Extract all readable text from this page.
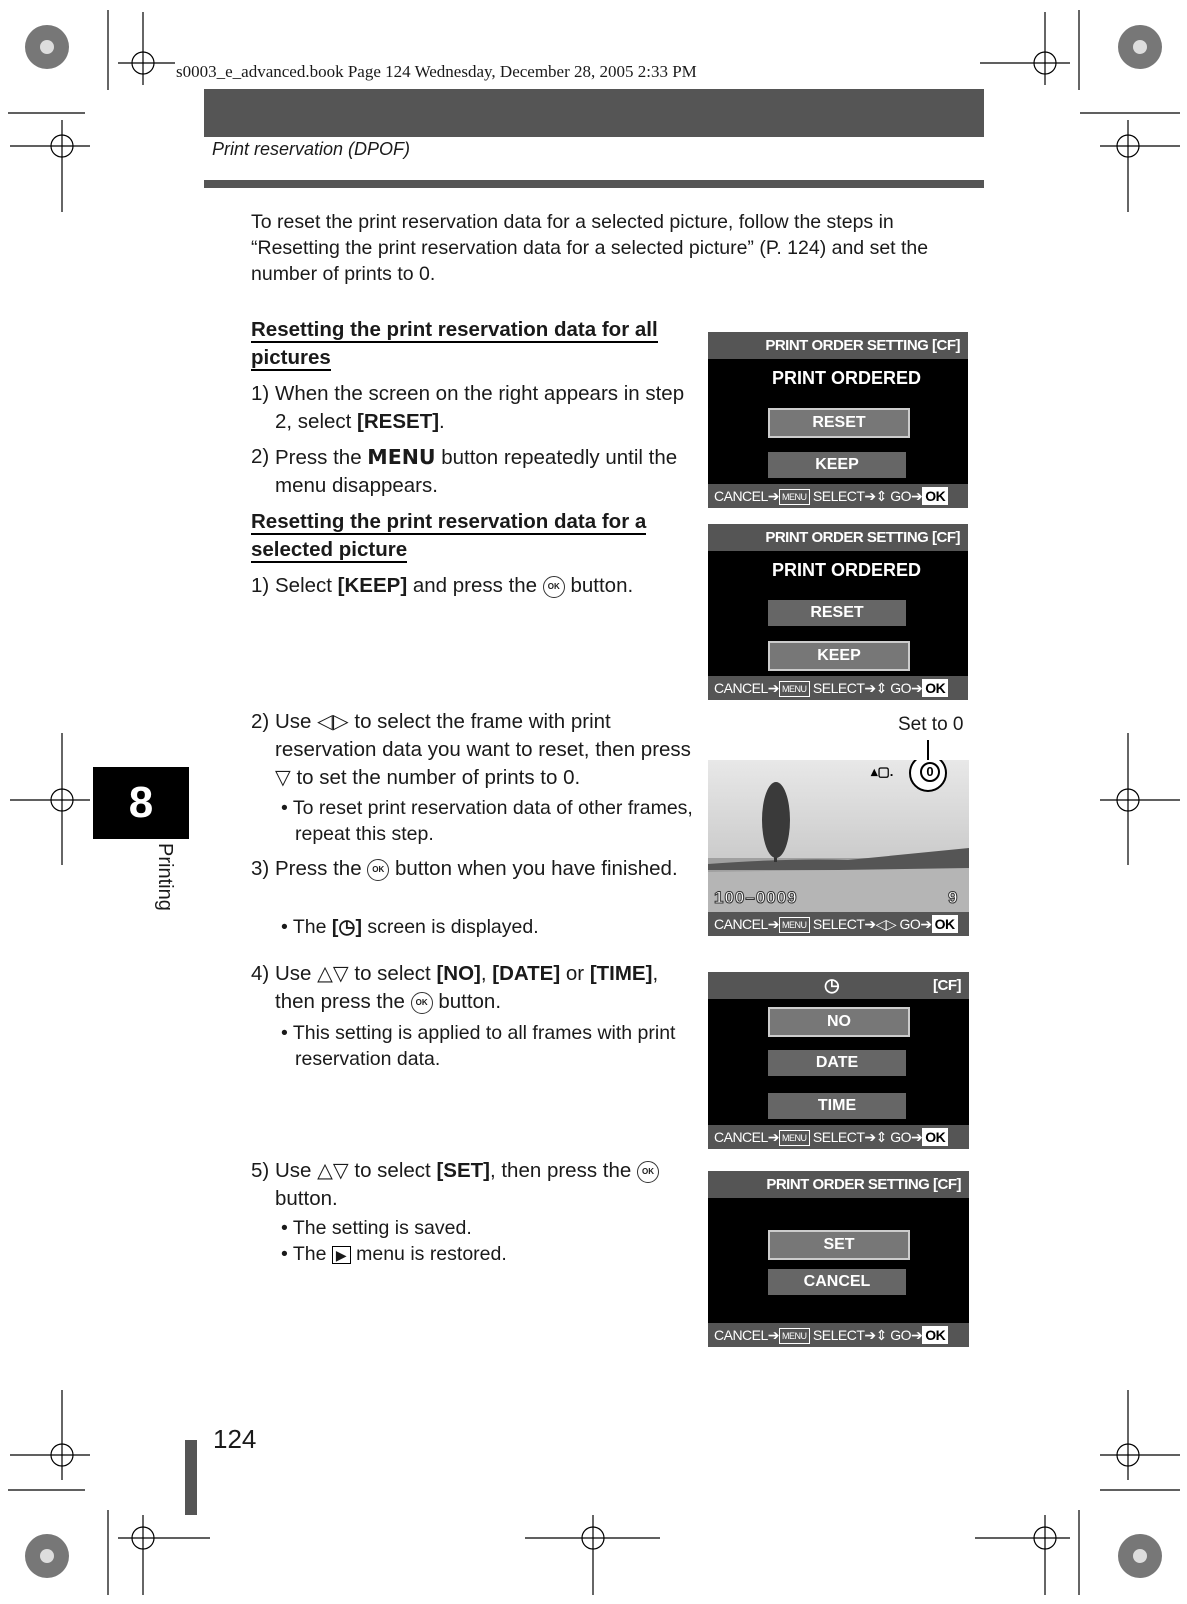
s0003_e_advanced.book Page 124 Wednesday, December 28, 2005 2:33 PM
Print reservation (DPOF)
To reset the print reservation data for a selected picture, follow the steps in “Resetting the print reservation data for a selected picture” (P. 124) and set the number of prints to 0.
Resetting the print reservation data for all pictures
1) When the screen on the right appears in step 2, select [RESET].
2) Press the MENU button repeatedly until the menu disappears.
Resetting the print reservation data for a selected picture
1) Select [KEEP] and press the OK button.
2) Use ◁▷ to select the frame with print reservation data you want to reset, then press ▽ to set the number of prints to 0.
• To reset print reservation data of other frames, repeat this step.
3) Press the OK button when you have finished.
• The [◷] screen is displayed.
4) Use △▽ to select [NO], [DATE] or [TIME], then press the OK button.
• This setting is applied to all frames with print reservation data.
5) Use △▽ to select [SET], then press the OK button.
• The setting is saved.
• The ▶ menu is restored.
PRINT ORDER SETTING [CF]
PRINT ORDERED
RESET
KEEP
CANCEL➔ MENU SELECT➔⇕ GO➔ OK
PRINT ORDER SETTING [CF]
PRINT ORDERED
RESET
KEEP
CANCEL➔ MENU SELECT➔⇕ GO➔ OK
Set to 0
▴▢.	0
100–0009	9
CANCEL➔ MENU SELECT➔◁▷ GO➔ OK
◷	[CF]
NO
DATE
TIME
CANCEL➔ MENU SELECT➔⇕ GO➔ OK
PRINT ORDER SETTING [CF]
SET
CANCEL
CANCEL➔ MENU SELECT➔⇕ GO➔ OK
8
Printing
124
